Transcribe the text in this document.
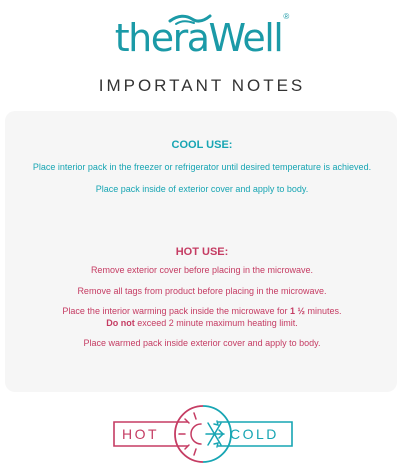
theraWell®
IMPORTANT NOTES
COOL USE:
Place interior pack in the freezer or refrigerator until desired temperature is achieved.
Place pack inside of exterior cover and apply to body.
HOT USE:
Remove exterior cover before placing in the microwave.
Remove all tags from product before placing in the microwave.
Place the interior warming pack inside the microwave for 1 ½ minutes.
Do not exceed 2 minute maximum heating limit.
Place warmed pack inside exterior cover and apply to body.
HOT	COLD
